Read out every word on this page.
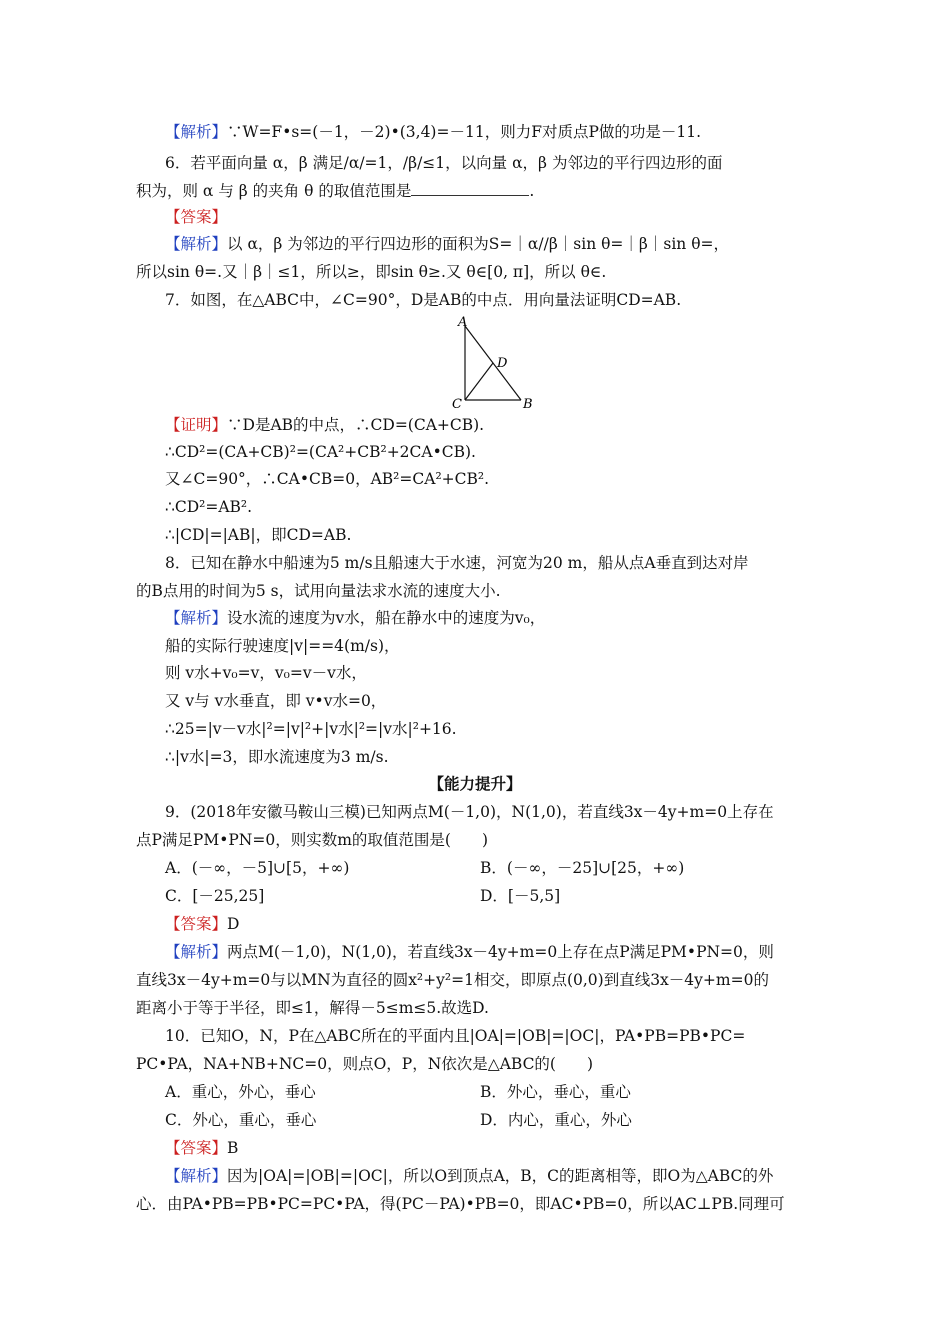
【解析】∵W=F•s=(－1，－2)•(3,4)=－11，则力F对质点P做的功是－11.
6．若平面向量 α，β 满足/α/=1，/β/≤1，以向量 α，β 为邻边的平行四边形的面
积为，则 α 与 β 的夹角 θ 的取值范围是	.
【答案】
【解析】以 α，β 为邻边的平行四边形的面积为S=｜α//β｜sin θ=｜β｜sin θ=，
所以sin θ=.又｜β｜≤1，所以≥，即sin θ≥.又 θ∈[0, π]，所以 θ∈.
7．如图，在△ABC中，∠C=90°，D是AB的中点．用向量法证明CD=AB.
A
D
C	B
【证明】∵D是AB的中点，∴CD=(CA+CB).
∴CD²=(CA+CB)²=(CA²+CB²+2CA•CB).
又∠C=90°，∴CA•CB=0，AB²=CA²+CB².
∴CD²=AB².
∴|CD|=|AB|，即CD=AB.
8．已知在静水中船速为5 m/s且船速大于水速，河宽为20 m，船从点A垂直到达对岸
的B点用的时间为5 s，试用向量法求水流的速度大小.
【解析】设水流的速度为v水，船在静水中的速度为v₀，
船的实际行驶速度|v|==4(m/s)，
则 v水+v₀=v，v₀=v－v水，
又 v与 v水垂直，即 v•v水=0，
∴25=|v－v水|²=|v|²+|v水|²=|v水|²+16.
∴|v水|=3，即水流速度为3 m/s.
【能力提升】
9．(2018年安徽马鞍山三模)已知两点M(－1,0)，N(1,0)，若直线3x－4y+m=0上存在
点P满足PM•PN=0，则实数m的取值范围是(　　)
A．(－∞，－5]∪[5，+∞)	B．(－∞，－25]∪[25，+∞)
C．[－25,25]	D．[－5,5]
【答案】D
【解析】两点M(－1,0)，N(1,0)，若直线3x－4y+m=0上存在点P满足PM•PN=0，则
直线3x－4y+m=0与以MN为直径的圆x²+y²=1相交，即原点(0,0)到直线3x－4y+m=0的
距离小于等于半径，即≤1，解得－5≤m≤5.故选D.
10．已知O，N，P在△ABC所在的平面内且|OA|=|OB|=|OC|，PA•PB=PB•PC=
PC•PA，NA+NB+NC=0，则点O，P，N依次是△ABC的(　　)
A．重心，外心，垂心	B．外心，垂心，重心
C．外心，重心，垂心	D．内心，重心，外心
【答案】B
【解析】因为|OA|=|OB|=|OC|，所以O到顶点A，B，C的距离相等，即O为△ABC的外
心．由PA•PB=PB•PC=PC•PA，得(PC－PA)•PB=0，即AC•PB=0，所以AC⊥PB.同理可
